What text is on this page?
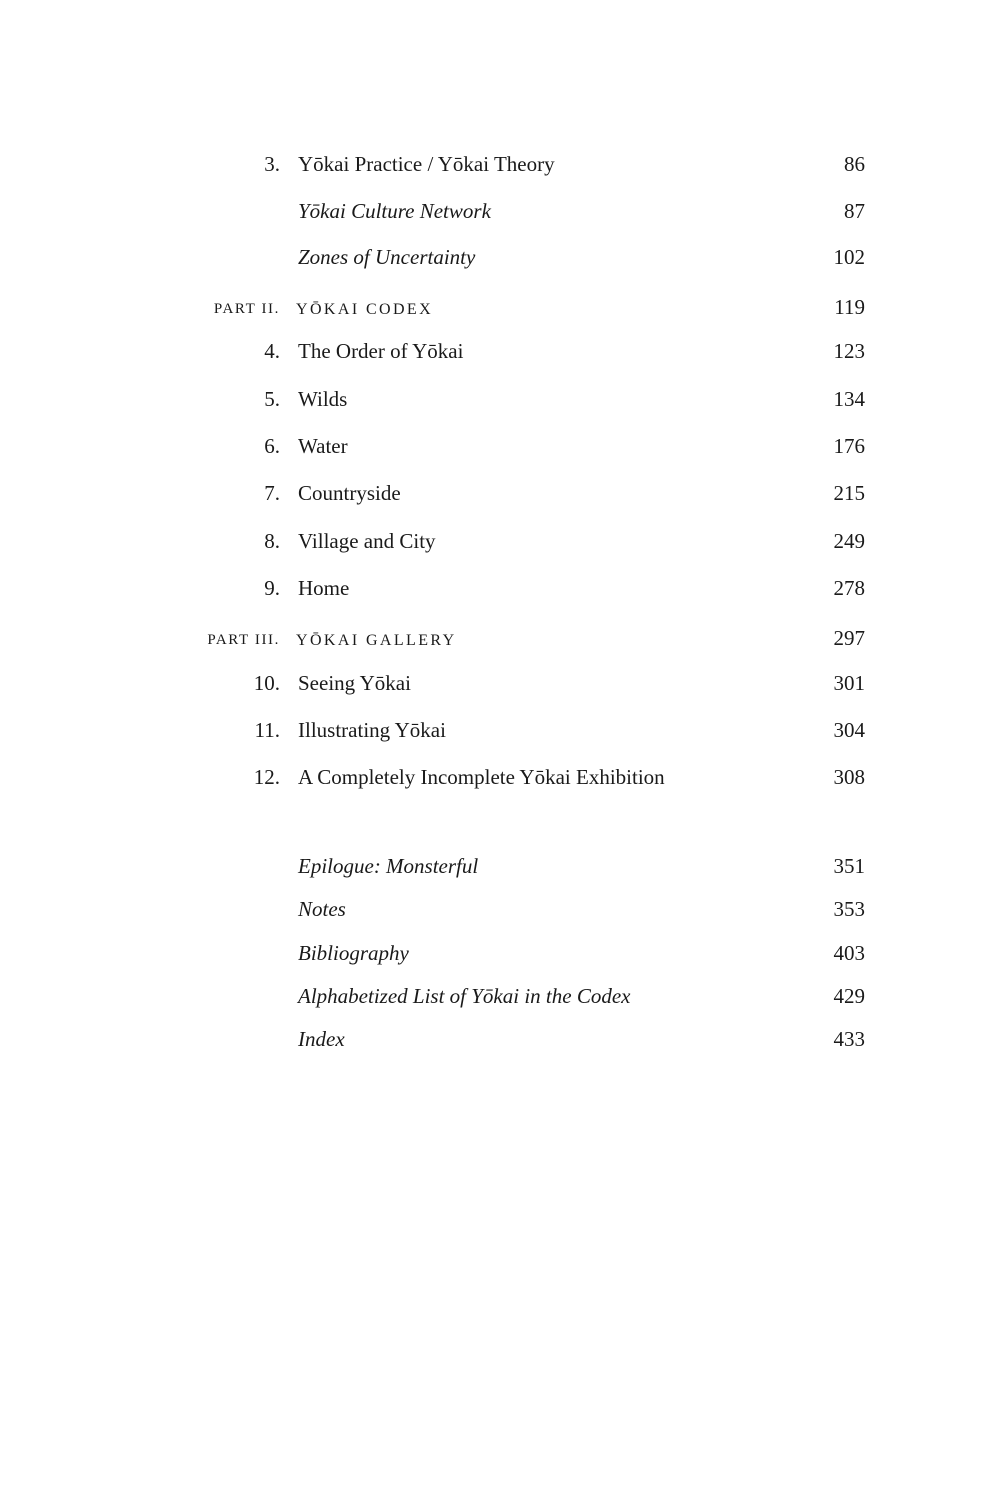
3. Yōkai Practice / Yōkai Theory	86
Yōkai Culture Network	87
Zones of Uncertainty	102
PART II.	YŌKAI CODEX	119
4. The Order of Yōkai	123
5. Wilds	134
6. Water	176
7. Countryside	215
8. Village and City	249
9. Home	278
PART III.	YŌKAI GALLERY	297
10. Seeing Yōkai	301
11. Illustrating Yōkai	304
12. A Completely Incomplete Yōkai Exhibition	308
Epilogue: Monsterful	351
Notes	353
Bibliography	403
Alphabetized List of Yōkai in the Codex	429
Index	433
